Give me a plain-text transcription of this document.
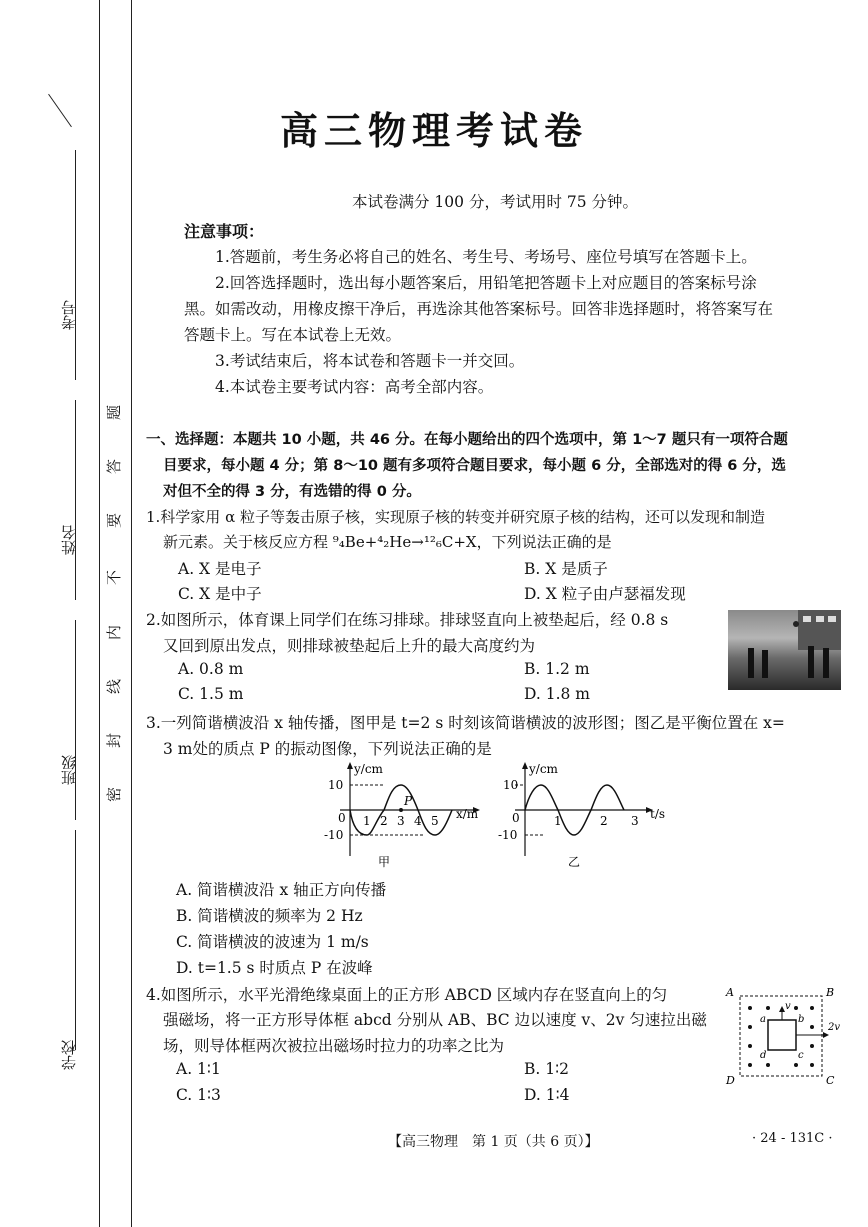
考号
姓名
班级
学校
题
答
要
不
内
线
封
密
高三物理考试卷
本试卷满分 100 分，考试用时 75 分钟。
注意事项：
1.答题前，考生务必将自己的姓名、考生号、考场号、座位号填写在答题卡上。
2.回答选择题时，选出每小题答案后，用铅笔把答题卡上对应题目的答案标号涂
黑。如需改动，用橡皮擦干净后，再选涂其他答案标号。回答非选择题时，将答案写在
答题卡上。写在本试卷上无效。
3.考试结束后，将本试卷和答题卡一并交回。
4.本试卷主要考试内容：高考全部内容。
一、选择题：本题共 10 小题，共 46 分。在每小题给出的四个选项中，第 1～7 题只有一项符合题
目要求，每小题 4 分；第 8～10 题有多项符合题目要求，每小题 6 分，全部选对的得 6 分，选
对但不全的得 3 分，有选错的得 0 分。
1.科学家用 α 粒子等轰击原子核，实现原子核的转变并研究原子核的结构，还可以发现和制造
新元素。关于核反应方程 ⁹₄Be+⁴₂He→¹²₆C+X，下列说法正确的是
A. X 是电子	B. X 是质子
C. X 是中子	D. X 粒子由卢瑟福发现
2.如图所示，体育课上同学们在练习排球。排球竖直向上被垫起后，经 0.8 s
又回到原出发点，则排球被垫起后上升的最大高度约为
A. 0.8 m	B. 1.2 m
C. 1.5 m	D. 1.8 m
3.一列简谐横波沿 x 轴传播，图甲是 t=2 s 时刻该简谐横波的波形图；图乙是平衡位置在 x=
3 m处的质点 P 的振动图像，下列说法正确的是
y/cm
x/m
10
-10
0 1 2 3 4 5
P
甲
y/cm
t/s
10
-10
0	1	2 3
乙
A. 简谐横波沿 x 轴正方向传播
B. 简谐横波的频率为 2 Hz
C. 简谐横波的波速为 1 m/s
D. t=1.5 s 时质点 P 在波峰
4.如图所示，水平光滑绝缘桌面上的正方形 ABCD 区域内存在竖直向上的匀
强磁场，将一正方形导体框 abcd 分别从 AB、BC 边以速度 v、2v 匀速拉出磁
场，则导体框两次被拉出磁场时拉力的功率之比为
A. 1∶1	B. 1∶2
C. 1∶3	D. 1∶4
A	B
C
D
a	b
c
d
v
2v
【高三物理　第 1 页（共 6 页）】	· 24 - 131C ·
